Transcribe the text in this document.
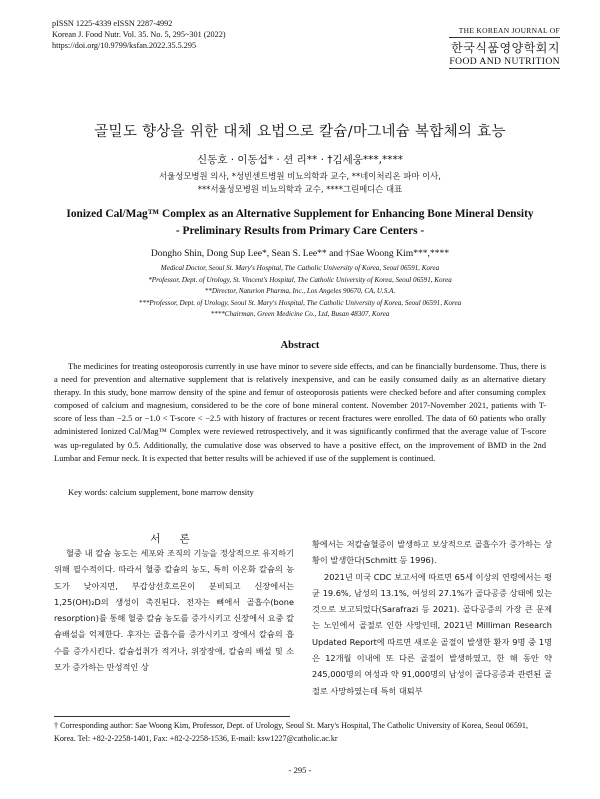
pISSN 1225-4339 eISSN 2287-4992
Korean J. Food Nutr. Vol. 35. No. 5, 295~301 (2022)
https://doi.org/10.9799/ksfan.2022.35.5.295
THE KOREAN JOURNAL OF
한국식품영양학회지
FOOD AND NUTRITION
골밀도 향상을 위한 대체 요법으로 칼슘/마그네슘 복합체의 효능
신동호 · 이동섭* · 션 리** · †김세웅***,****
서울성모병원 의사, *성빈센트병원 비뇨의학과 교수, **네이처리온 파마 이사,
***서울성모병원 비뇨의학과 교수, ****그린메디슨 대표
Ionized Cal/Mag™ Complex as an Alternative Supplement for Enhancing Bone Mineral Density
- Preliminary Results from Primary Care Centers -
Dongho Shin, Dong Sup Lee*, Sean S. Lee** and †Sae Woong Kim***,****
Medical Doctor, Seoul St. Mary's Hospital, The Catholic University of Korea, Seoul 06591, Korea
*Professor, Dept. of Urology, St. Vincent's Hospital, The Catholic University of Korea, Seoul 06591, Korea
**Director, Naturion Pharma, Inc., Los Angeles 90670, CA, U.S.A.
***Professor, Dept. of Urology, Seoul St. Mary's Hospital, The Catholic University of Korea, Seoul 06591, Korea
****Chairman, Green Medicine Co., Ltd, Busan 48307, Korea
Abstract

The medicines for treating osteoporosis currently in use have minor to severe side effects, and can be financially burdensome. Thus, there is a need for prevention and alternative supplement that is relatively inexpensive, and can be easily consumed daily as an alternative dietary therapy. In this study, bone marrow density of the spine and femur of osteoporosis patients were checked before and after consuming complex composed of calcium and magnesium, considered to be the core of bone mineral content. November 2017-November 2021, patients with T-score of less than −2.5 or −1.0 < T-score < −2.5 with history of fractures or recent fractures were enrolled. The data of 60 patients who orally administered Ionized Cal/Mag™ Complex were reviewed retrospectively, and it was significantly confirmed that the average value of T-score was up-regulated by 0.5. Additionally, the cumulative dose was observed to have a positive effect, on the improvement of BMD in the 2nd Lumbar and Femur neck. It is expected that better results will be achieved if use of the supplement is continued.

Key words: calcium supplement, bone marrow density
서 론

혈중 내 칼슘 농도는 세포와 조직의 기능을 정상적으로 유지하기 위해 필수적이다. 따라서 혈중 칼슘의 농도, 특히 이온화 칼슘의 농도가 낮아지면, 부갑상선호르몬이 분비되고 신장에서는 1,25(OH)₂D의 생성이 촉진된다. 전자는 뼈에서 골흡수(bone resorption)를 통해 혈중 칼슘 농도를 증가시키고 신장에서 요중 칼슘배설을 억제한다. 후자는 골흡수를 증가시키고 장에서 칼슘의 흡수를 증가시킨다. 칼슘섭취가 적거나, 위장장애, 칼슘의 배설 및 소모가 증가하는 만성적인 상

황에서는 저칼슘혈증이 발생하고 보상적으로 골흡수가 증가하는 상황이 발생한다(Schmitt 등 1996).

2021년 미국 CDC 보고서에 따르면 65세 이상의 연령에서는 평균 19.6%, 남성의 13.1%, 여성의 27.1%가 골다공증 상태에 있는 것으로 보고되었다(Sarafrazi 등 2021). 골다공증의 가장 큰 문제는 노인에서 골절로 인한 사망인데, 2021년 Milliman Research Updated Report에 따르면 새로운 골절이 발생한 환자 9명 중 1명은 12개월 이내에 또 다른 골절이 발생하였고, 한 해 동안 약 245,000명의 여성과 약 91,000명의 남성이 골다공증과 관련된 골절로 사망하였는데 특히 대퇴부

† Corresponding author: Sae Woong Kim, Professor, Dept. of Urology, Seoul St. Mary's Hospital, The Catholic University of Korea, Seoul 06591, Korea. Tel: +82-2-2258-1401, Fax: +82-2-2258-1536, E-mail: ksw1227@catholic.ac.kr
- 295 -
